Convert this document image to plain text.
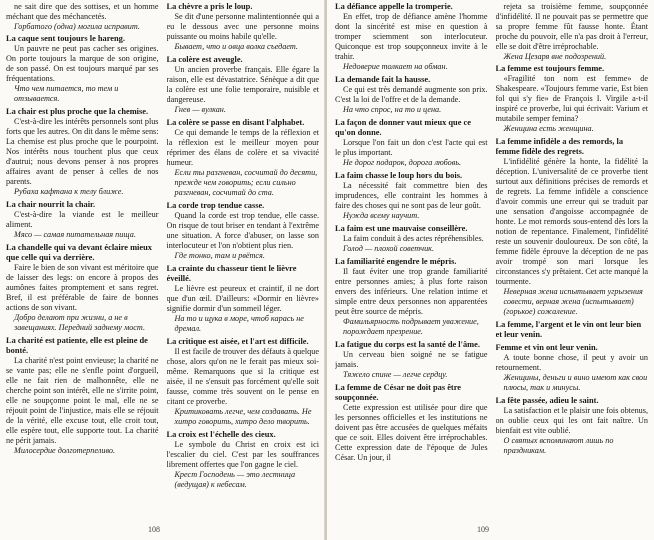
ne sait dire que des sottises, et un homme méchant que des méchancetés.

Горбатого (одна) могила исправит.

La caque sent toujours le hareng.

Un pauvre ne peut pas cacher ses origines. On porte toujours la marque de son origine, de son passé. On est toujours marqué par ses fréquentations.

Что чем питается, то тем и отзывается.

La chair est plus proche que la chemise.

C'est-à-dire les intérêts personnels sont plus forts que les autres. On dit dans le même sens: La chemise est plus proche que le pourpoint. Nos intérêts nous touchent plus que ceux d'autrui; nous devons penser à nos propres affaires avant de penser à celles de nos parents.

Рубаха кафтана к телу ближе.

La chair nourrit la chair.

C'est-à-dire la viande est le meilleur aliment.

Мясо — самая питательная пища.

La chandelle qui va devant éclaire mieux que celle qui va derrière.

Faire le bien de son vivant est méritoire que de laisser des legs: on encore à propos des aumônes faites promptement et sans regret. Bref, il est préférable de faire de bonnes actions de son vivant.

Добро делают при жизни, а не в завещаниях. Передний заднему мост.

La charité est patiente, elle est pleine de bonté.

La charité n'est point envieuse; la charité ne se vante pas; elle ne s'enfle point d'orgueil, elle ne fait rien de malhonnête, elle ne cherche point son intérêt, elle ne s'irrite point, elle ne soupçonne point le mal, elle ne se réjouit point de l'injustice, mais elle se réjouit de la vérité, elle excuse tout, elle croit tout, elle espère tout, elle supporte tout. La charité ne périt jamais.

Милосердие долготерпеливо.

La chèvre a pris le loup.

Se dit d'une personne malintentionnée qui a eu le dessous avec une personne moins puissante ou moins habile qu'elle.

Бывает, что и овца волка съедает.

La colère est aveugle.

Un ancien proverbe français. Elle égare la raison, elle est dévastatrice. Sénèque a dit que la colère est une folie temporaire, nuisible et dangereuse.

Гнев — вулкан.

La colère se passe en disant l'alphabet.

Ce qui demande le temps de la réflexion et la réflexion est le meilleur moyen pour réprimer des élans de colère et sa vivacité humeur.

Если ты разгневан, сосчитай до десяти, прежде чем говорить; если сильно разгневан, сосчитай до ста.

La corde trop tendue casse.

Quand la corde est trop tendue, elle casse. On risque de tout briser en tendant à l'extrême une situation. A force d'abuser, on lasse son interlocuteur et l'on n'obtient plus rien.

Где тонко, там и рвётся.

La crainte du chasseur tient le lièvre éveillé.

Le lièvre est peureux et craintif, il ne dort que d'un œil. D'ailleurs: «Dormir en lièvre» signifie dormir d'un sommeil léger.

На то и щука в море, чтоб карась не дремал.

La critique est aisée, et l'art est difficile.

Il est facile de trouver des défauts à quelque chose, alors qu'on ne le ferait pas mieux soi-même. Remarquons que si la critique est aisée, il ne s'ensuit pas forcément qu'elle soit fausse, comme très souvent on le pense en citant ce proverbe.

Критиковать легче, чем создавать. Не хитро говорить, хитро дело творить.

La croix est l'échelle des cieux.

Le symbole du Christ en croix est ici l'escalier du ciel. C'est par les souffrances librement offertes que l'on gagne le ciel.

Крест Господень — это лестница (ведущая) к небесам.

108

La défiance appelle la tromperie.

En effet, trop de défiance amène l'homme dont la sincérité est mise en question à tromper sciemment son interlocuteur. Quiconque est trop soupçonneux invite à le trahir.

Недоверие толкает на обман.

La demande fait la hausse.

Ce qui est très demandé augmente son prix. C'est la loi de l'offre et de la demande.

На что спрос, на то и цена.

La façon de donner vaut mieux que ce qu'on donne.

Lorsque l'on fait un don c'est l'acte qui est le plus important.

Не дорог подарок, дорога любовь.

La faim chasse le loup hors du bois.

La nécessité fait commettre bien des imprudences, elle contraint les hommes à faire des choses qui ne sont pas de leur goût.

Нужда всему научит.

La faim est une mauvaise conseillère.

La faim conduit à des actes répréhensibles.

Голод — плохой советчик.

La familiarité engendre le mépris.

Il faut éviter une trop grande familiarité entre personnes amies; à plus forte raison envers des inférieurs. Une relation intime et simple entre deux personnes non apparentées peut être source de mépris.

Фамильярность подрывает уважение, порождает презрение.

La fatigue du corps est la santé de l'âme.

Un cerveau bien soigné ne se fatigue jamais.

Тяжело спине — легче сердцу.

La femme de César ne doit pas être soupçonnée.

Cette expression est utilisée pour dire que les personnes officielles et les institutions ne doivent pas être accusées de quelques méfaits que ce soit. Elles doivent être irréprochables. Cette expression date de l'époque de Jules César. Un jour, il

rejeta sa troisième femme, soupçonnée d'infidélité. Il ne pouvait pas se permettre que sa propre femme fût fausse honte. Étant proche du pouvoir, elle n'a pas droit à l'erreur, elle se doit d'être irréprochable.

Жена Цезаря вне подозрений.

La femme est toujours femme.

«Fragilité ton nom est femme» de Shakespeare. «Toujours femme varie, Est bien fol qui s'y fie» de François I. Virgile a-t-il inspiré ce proverbe, lui qui écrivait: Varium et mutabile semper femina?

Женщина есть женщина.

La femme infidèle a des remords, la femme fidèle des regrets.

L'infidélité génère la honte, la fidélité la déception. L'universalité de ce proverbe tient surtout aux définitions précises de remords et de regrets. La femme infidèle a conscience d'avoir commis une erreur qui se traduit par une sensation d'angoisse accompagnée de honte. Le mot remords sous-entend dès lors la notion de repentance. Finalement, l'infidélité reste un souvenir douloureux. De son côté, la femme fidèle éprouve la déception de ne pas avoir trompé son mari lorsque les circonstances s'y prêtaient. Cet acte manqué la tourmente.

Неверная жена испытывает угрызения совести, верная жена (испытывает) (горькое) сожаление.

La femme, l'argent et le vin ont leur bien et leur venin.

Femme et vin ont leur venin.

A toute bonne chose, il peut y avoir un retournement.

Женщины, деньги и вино имеют как свои плюсы, так и минусы.

La fête passée, adieu le saint.

La satisfaction et le plaisir une fois obtenus, on oublie ceux qui les ont fait naître. Un bienfait est vite oublié.

О святых вспоминают лишь по праздникам.

109
